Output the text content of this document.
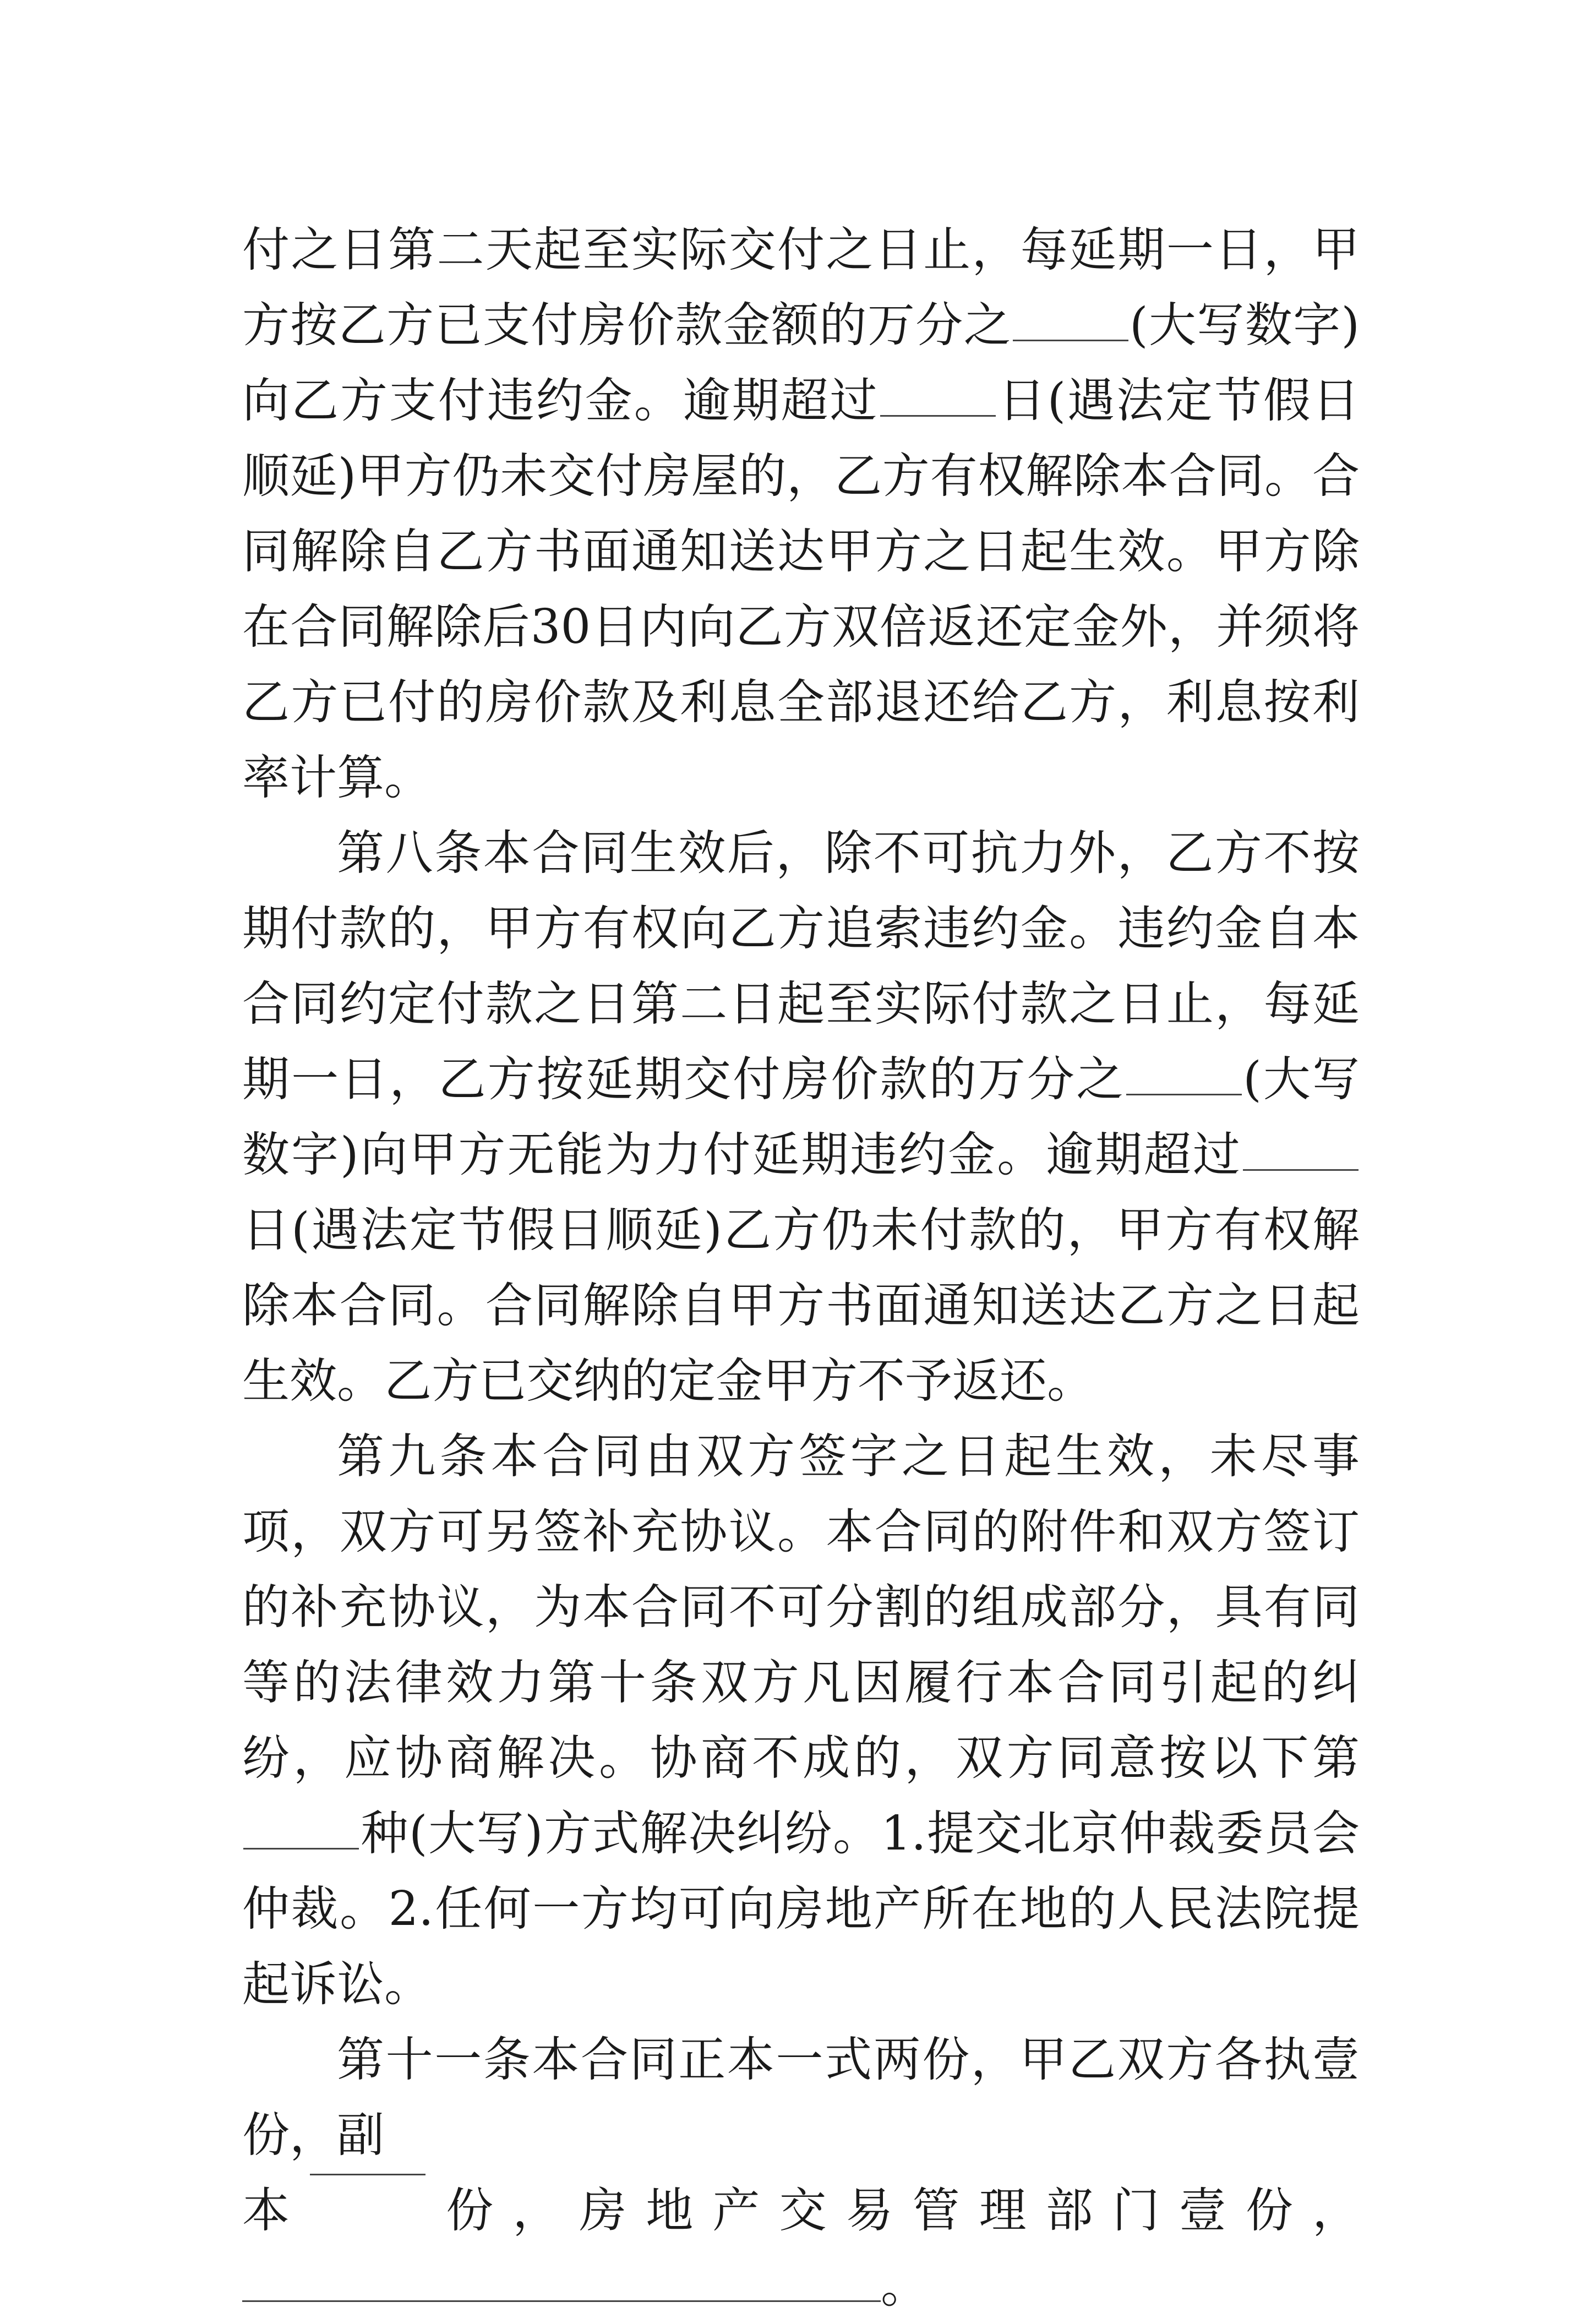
付之日第二天起至实际交付之日止，每延期一日，甲方按乙方已支付房价款金额的万分之 (大写数字)向乙方支付违约金。逾期超过 日(遇法定节假日顺延)甲方仍未交付房屋的，乙方有权解除本合同。合同解除自乙方书面通知送达甲方之日起生效。甲方除在合同解除后30日内向乙方双倍返还定金外，并须将乙方已付的房价款及利息全部退还给乙方，利息按利率计算。

第八条本合同生效后，除不可抗力外，乙方不按期付款的，甲方有权向乙方追索违约金。违约金自本合同约定付款之日第二日起至实际付款之日止，每延期一日，乙方按延期交付房价款的万分之 (大写数字)向甲方无能为力付延期违约金。逾期超过日(遇法定节假日顺延)乙方仍未付款的，甲方有权解除本合同。合同解除自甲方书面通知送达乙方之日起生效。乙方已交纳的定金甲方不予返还。

第九条本合同由双方签字之日起生效，未尽事项，双方可另签补充协议。本合同的附件和双方签订的补充协议，为本合同不可分割的组成部分，具有同等的法律效力第十条双方凡因履行本合同引起的纠纷，应协商解决。协商不成的，双方同意按以下第种(大写)方式解决纠纷。1.提交北京仲裁委员会仲裁。2.任何一方均可向房地产所在地的人民法院提起诉讼。

第十一条本合同正本一式两份，甲乙双方各执壹份，副

本	份 ， 房 地 产 交 易 管 理 部 门 壹 份 ，

。
